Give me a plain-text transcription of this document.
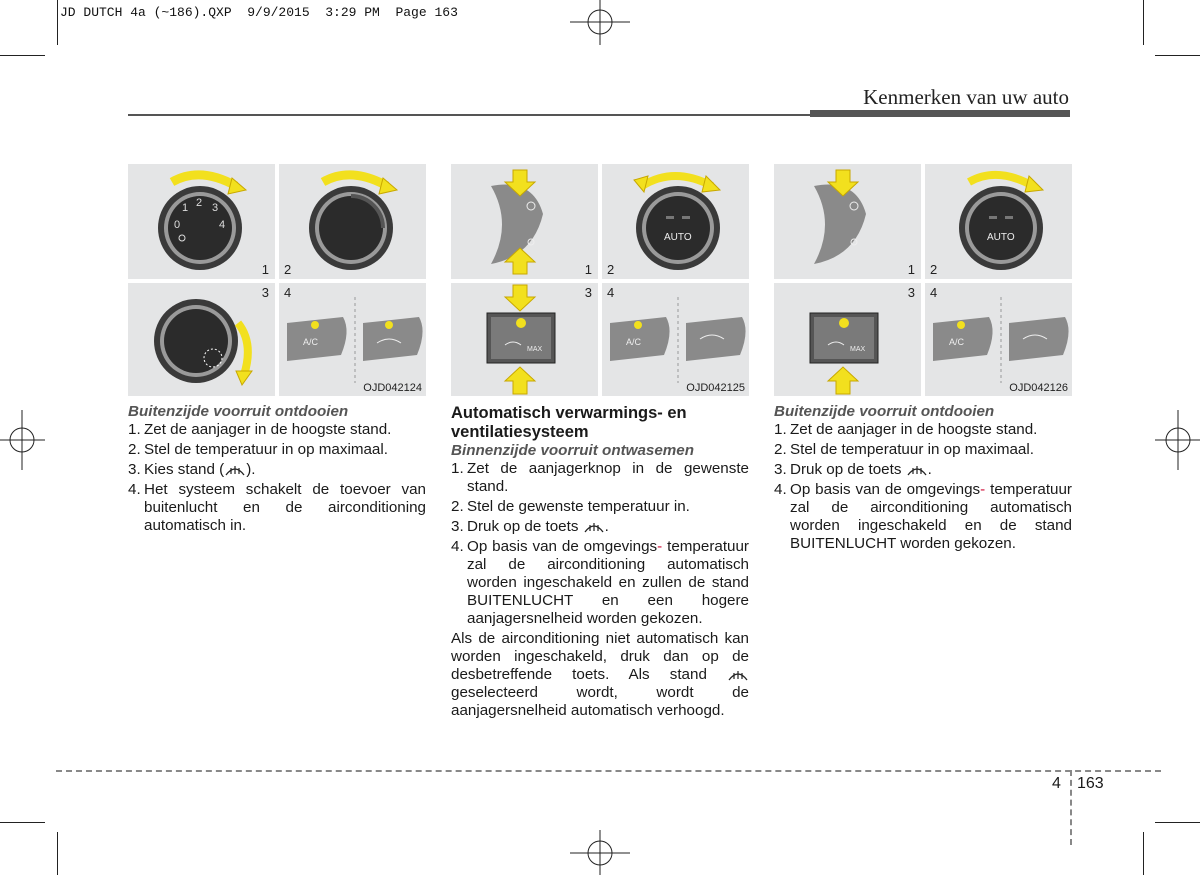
JD DUTCH 4a (~186).QXP  9/9/2015  3:29 PM  Page 163
Kenmerken van uw auto
1 2 3
4
0
1 2
3
A/C
4
OJD042124
1
AUTO
2
MAX
3
A/C
4
OJD042125
1
AUTO
2
MAX
3
A/C
4
OJD042126

Buitenzijde voorruit ontdooien

1. Zet de aanjager in de hoogste stand.
2. Stel de temperatuur in op maximaal.
3. Kies stand ( ).
4. Het systeem schakelt de toevoer van buitenlucht en de airconditioning automatisch in.

Automatisch verwarmings- en ventilatiesysteem

Binnenzijde voorruit ontwasemen

1. Zet de aanjagerknop in de gewenste stand.
2. Stel de gewenste temperatuur in.
3. Druk op de toets .
4. Op basis van de omgevings- temperatuur zal de airconditioning automatisch worden ingeschakeld en zullen de stand BUITENLUCHT en een hogere aanjagersnelheid worden gekozen.

Als de airconditioning niet automatisch kan worden ingeschakeld, druk dan op de desbetreffende toets. Als stand  geselecteerd wordt, wordt de aanjagersnelheid automatisch verhoogd.

Buitenzijde voorruit ontdooien

1. Zet de aanjager in de hoogste stand.
2. Stel de temperatuur in op maximaal.
3. Druk op de toets .
4. Op basis van de omgevings- temperatuur zal de airconditioning automatisch worden ingeschakeld en de stand BUITENLUCHT worden gekozen.
4 163
